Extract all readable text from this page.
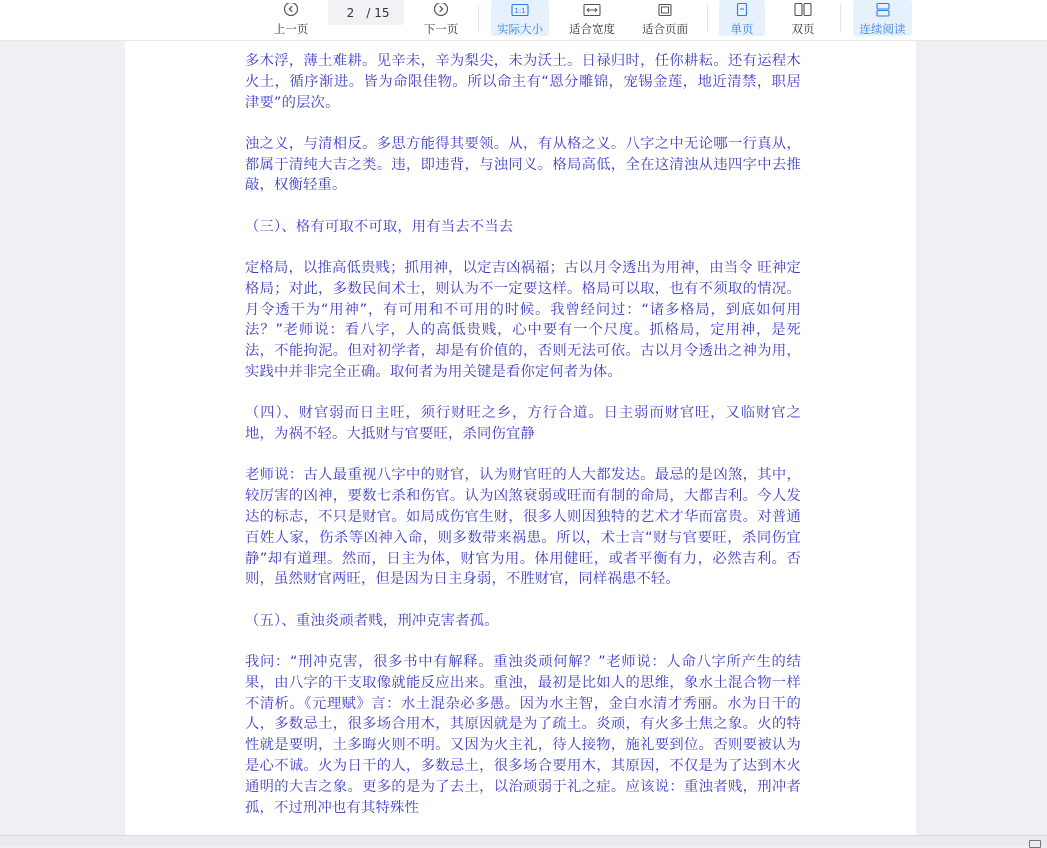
上一页
2	/ 15
下一页
1:1
实际大小 适合宽度 适合页面	单页	双页	连续阅读

多木浮，薄土难耕。见辛未，辛为梨尖，未为沃土。日禄归时，任你耕耘。还有运程木火土，循序渐进。皆为命限佳物。所以命主有“恩分雕锦，宠锡金莲，地近清禁，职居津要”的层次。

浊之义，与清相反。多思方能得其要领。从，有从格之义。八字之中无论哪一行真从，都属于清纯大吉之类。违，即违背，与浊同义。格局高低，全在这清浊从违四字中去推敲，权衡轻重。

（三）、格有可取不可取，用有当去不当去

定格局，以推高低贵贱；抓用神，以定吉凶祸福；古以月令透出为用神，由当令 旺神定格局；对此，多数民间术士，则认为不一定要这样。格局可以取，也有不须取的情况。月令透干为“用神”，有可用和不可用的时候。我曾经问过：“诸多格局，到底如何用法？”老师说：看八字，人的高低贵贱，心中要有一个尺度。抓格局，定用神，是死法，不能拘泥。但对初学者，却是有价值的，否则无法可依。古以月令透出之神为用，实践中并非完全正确。取何者为用关键是看你定何者为体。

（四）、财官弱而日主旺，须行财旺之乡，方行合道。日主弱而财官旺，又临财官之地，为祸不轻。大抵财与官要旺，杀同伤宜静

老师说：古人最重视八字中的财官，认为财官旺的人大都发达。最忌的是凶煞，其中，较厉害的凶神，要数七杀和伤官。认为凶煞衰弱或旺而有制的命局，大都吉利。今人发达的标志，不只是财官。如局成伤官生财，很多人则因独特的艺术才华而富贵。对普通百姓人家，伤杀等凶神入命，则多数带来祸患。所以，术士言“财与官要旺，杀同伤宜静”却有道理。然而，日主为体，财官为用。体用健旺，或者平衡有力，必然吉利。否则，虽然财官两旺，但是因为日主身弱，不胜财官，同样祸患不轻。

（五）、重浊炎顽者贱，刑冲克害者孤。

我问：“刑冲克害，很多书中有解释。重浊炎顽何解？”老师说：人命八字所产生的结果，由八字的干支取像就能反应出来。重浊，最初是比如人的思维，象水土混合物一样不清析。《元理赋》言：水土混杂必多愚。因为水主智，金白水清才秀丽。水为日干的人，多数忌土，很多场合用木，其原因就是为了疏土。炎顽，有火多土焦之象。火的特性就是要明，土多晦火则不明。又因为火主礼，待人接物，施礼要到位。否则要被认为是心不诚。火为日干的人，多数忌土，很多场合要用木，其原因，不仅是为了达到木火通明的大吉之象。更多的是为了去土，以治顽弱于礼之症。应该说：重浊者贱，刑冲者孤，不过刑冲也有其特殊性
